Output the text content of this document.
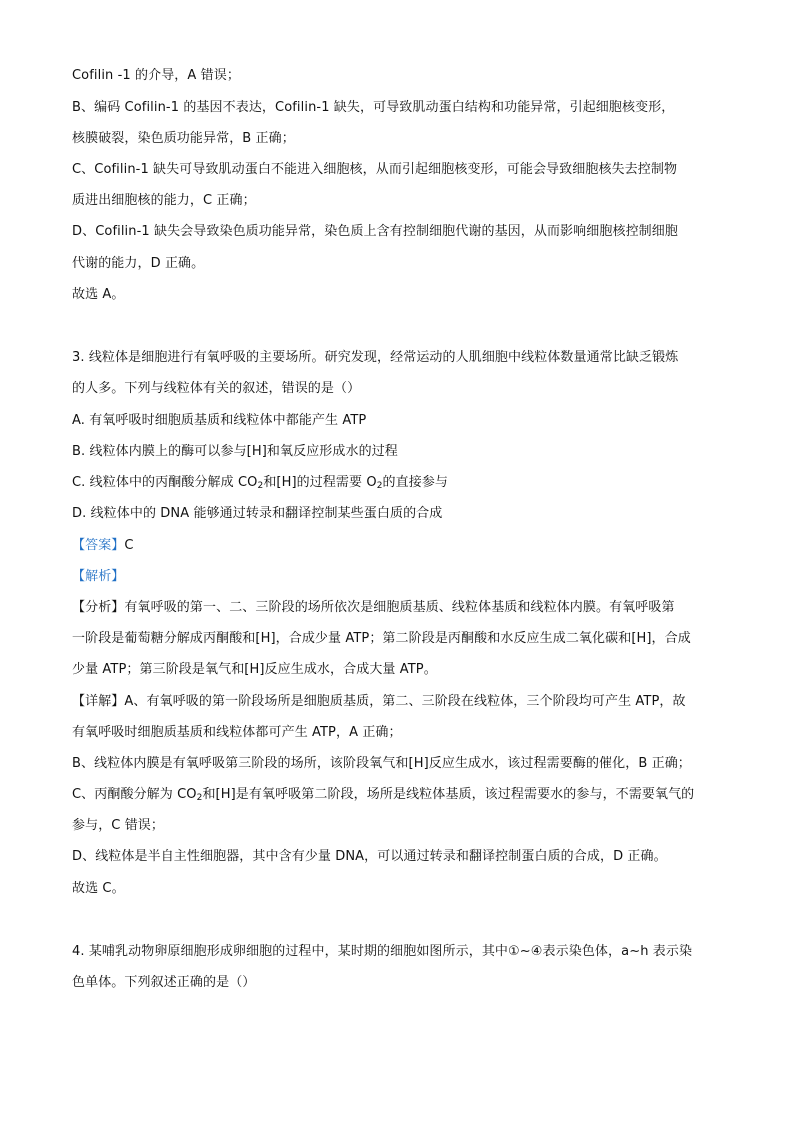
Cofilin -1 的介导，A 错误；
B、编码 Cofilin-1 的基因不表达，Cofilin-1 缺失，可导致肌动蛋白结构和功能异常，引起细胞核变形，
核膜破裂，染色质功能异常，B 正确；
C、Cofilin-1 缺失可导致肌动蛋白不能进入细胞核，从而引起细胞核变形，可能会导致细胞核失去控制物
质进出细胞核的能力，C 正确；
D、Cofilin-1 缺失会导致染色质功能异常，染色质上含有控制细胞代谢的基因，从而影响细胞核控制细胞
代谢的能力，D 正确。
故选 A。
3. 线粒体是细胞进行有氧呼吸的主要场所。研究发现，经常运动的人肌细胞中线粒体数量通常比缺乏锻炼
的人多。下列与线粒体有关的叙述，错误的是（）
A. 有氧呼吸时细胞质基质和线粒体中都能产生 ATP
B. 线粒体内膜上的酶可以参与[H]和氧反应形成水的过程
C. 线粒体中的丙酮酸分解成 $CO_2$和[H]的过程需要 $O_2$的直接参与
D. 线粒体中的 DNA 能够通过转录和翻译控制某些蛋白质的合成
【答案】C
【解析】
【分析】有氧呼吸的第一、二、三阶段的场所依次是细胞质基质、线粒体基质和线粒体内膜。有氧呼吸第
一阶段是葡萄糖分解成丙酮酸和[H]，合成少量 ATP；第二阶段是丙酮酸和水反应生成二氧化碳和[H]，合成
少量 ATP；第三阶段是氧气和[H]反应生成水，合成大量 ATP。
【详解】A、有氧呼吸的第一阶段场所是细胞质基质，第二、三阶段在线粒体，三个阶段均可产生 ATP，故
有氧呼吸时细胞质基质和线粒体都可产生 ATP，A 正确；
B、线粒体内膜是有氧呼吸第三阶段的场所，该阶段氧气和[H]反应生成水，该过程需要酶的催化，B 正确；
C、丙酮酸分解为 $CO_2$和[H]是有氧呼吸第二阶段，场所是线粒体基质，该过程需要水的参与，不需要氧气的
参与，C 错误；
D、线粒体是半自主性细胞器，其中含有少量 DNA，可以通过转录和翻译控制蛋白质的合成，D 正确。
故选 C。
4. 某哺乳动物卵原细胞形成卵细胞的过程中，某时期的细胞如图所示，其中①~④表示染色体，a~h 表示染
色单体。下列叙述正确的是（）
